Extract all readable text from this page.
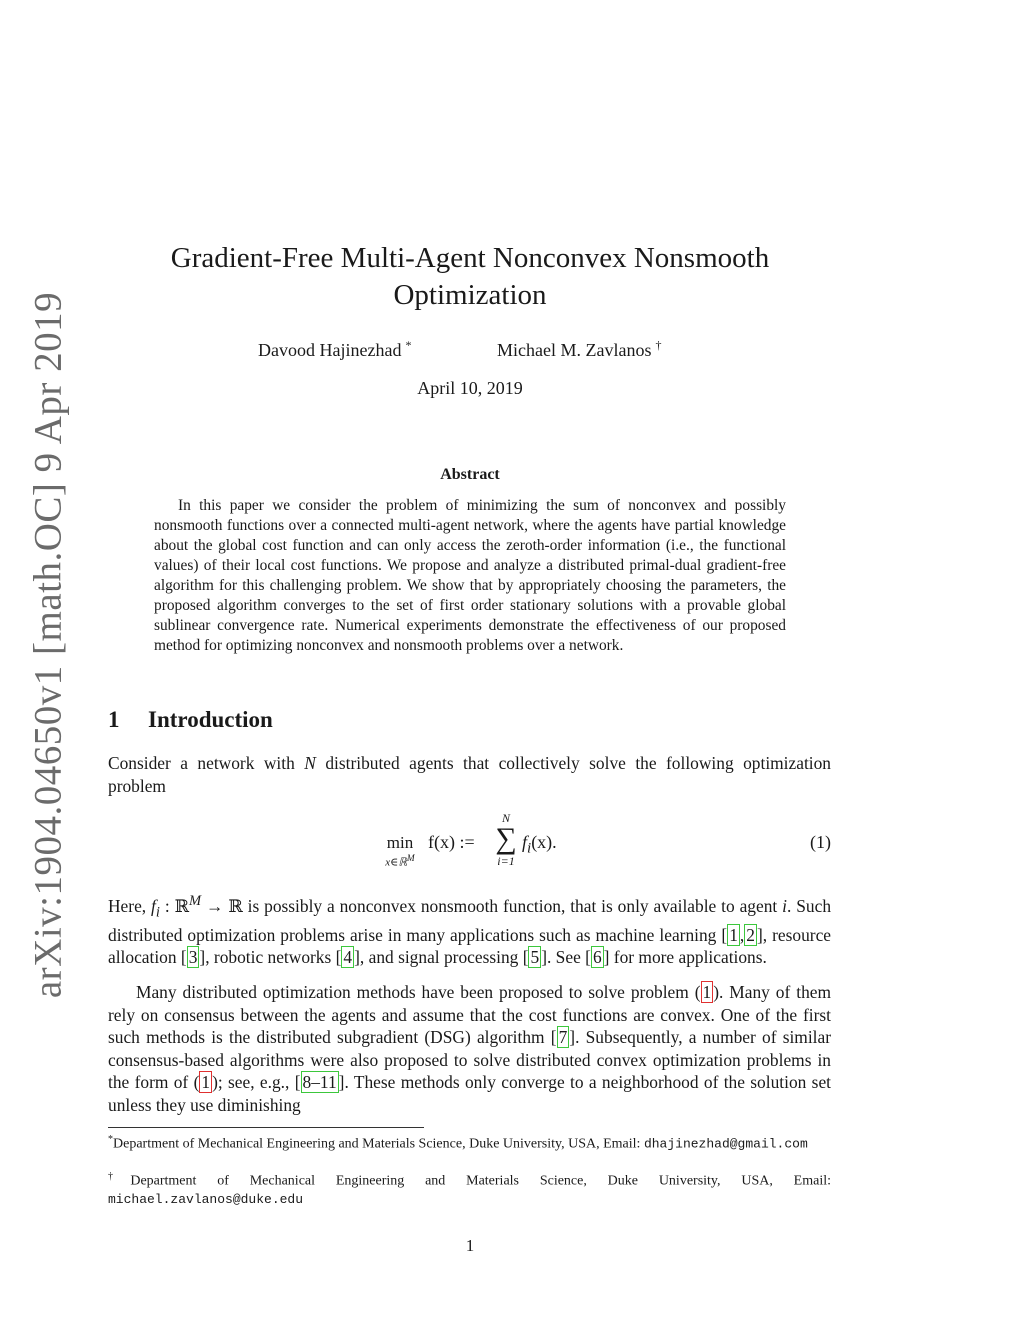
arXiv:1904.04650v1 [math.OC] 9 Apr 2019
Gradient-Free Multi-Agent Nonconvex Nonsmooth Optimization
Davood Hajinezhad *	Michael M. Zavlanos †
April 10, 2019
Abstract
In this paper we consider the problem of minimizing the sum of nonconvex and possibly nonsmooth functions over a connected multi-agent network, where the agents have partial knowledge about the global cost function and can only access the zeroth-order information (i.e., the functional values) of their local cost functions. We propose and analyze a distributed primal-dual gradient-free algorithm for this challenging problem. We show that by appropriately choosing the parameters, the proposed algorithm converges to the set of first order stationary solutions with a provable global sublinear convergence rate. Numerical experiments demonstrate the effectiveness of our proposed method for optimizing nonconvex and nonsmooth problems over a network.
1 Introduction
Consider a network with N distributed agents that collectively solve the following optimization problem
min
x∈ℝ$^M$
f(x) :=
N
∑
i=1
$f_i(x)$.	(1)
Here, $f_i$ : ℝ$^M$ → ℝ is possibly a nonconvex nonsmooth function, that is only available to agent i. Such distributed optimization problems arise in many applications such as machine learning [ 1 , 2 ], resource allocation [ 3 ], robotic networks [ 4 ], and signal processing [ 5 ]. See [ 6 ] for more applications.
Many distributed optimization methods have been proposed to solve problem ( 1 ). Many of them rely on consensus between the agents and assume that the cost functions are convex. One of the first such methods is the distributed subgradient (DSG) algorithm [ 7 ]. Subsequently, a number of similar consensus-based algorithms were also proposed to solve distributed convex optimization problems in the form of ( 1 ); see, e.g., [ 8–11 ]. These methods only converge to a neighborhood of the solution set unless they use diminishing
*Department of Mechanical Engineering and Materials Science, Duke University, USA, Email: dhajinezhad@gmail.com
†Department of Mechanical Engineering and Materials Science, Duke University, USA, Email: michael.zavlanos@duke.edu
1
